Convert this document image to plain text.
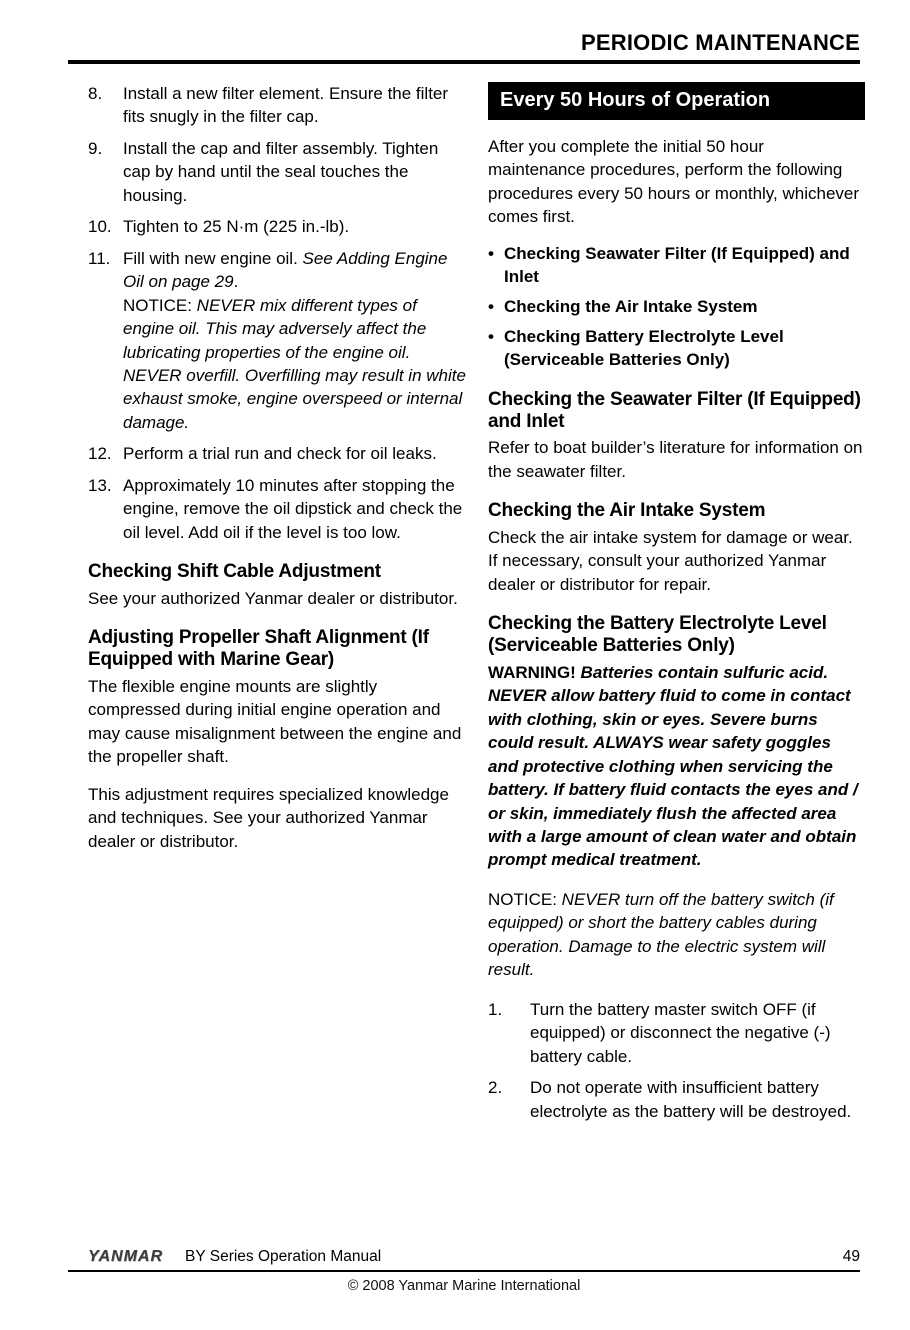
PERIODIC MAINTENANCE
8.	Install a new filter element. Ensure the filter fits snugly in the filter cap.
9.	Install the cap and filter assembly. Tighten cap by hand until the seal touches the housing.
10. Tighten to 25 N·m (225 in.-lb).
11. Fill with new engine oil. See Adding Engine Oil on page 29.
NOTICE: NEVER mix different types of engine oil. This may adversely affect the lubricating properties of the engine oil. NEVER overfill. Overfilling may result in white exhaust smoke, engine overspeed or internal damage.
12. Perform a trial run and check for oil leaks.
13. Approximately 10 minutes after stopping the engine, remove the oil dipstick and check the oil level. Add oil if the level is too low.
Checking Shift Cable Adjustment

See your authorized Yanmar dealer or distributor.

Adjusting Propeller Shaft Alignment (If Equipped with Marine Gear)

The flexible engine mounts are slightly compressed during initial engine operation and may cause misalignment between the engine and the propeller shaft.

This adjustment requires specialized knowledge and techniques. See your authorized Yanmar dealer or distributor.

Every 50 Hours of Operation

After you complete the initial 50 hour maintenance procedures, perform the following procedures every 50 hours or monthly, whichever comes first.

• Checking Seawater Filter (If Equipped) and Inlet
• Checking the Air Intake System
• Checking Battery Electrolyte Level (Serviceable Batteries Only)
Checking the Seawater Filter (If Equipped) and Inlet

Refer to boat builder’s literature for information on the seawater filter.

Checking the Air Intake System

Check the air intake system for damage or wear. If necessary, consult your authorized Yanmar dealer or distributor for repair.

Checking the Battery Electrolyte Level (Serviceable Batteries Only)

WARNING! Batteries contain sulfuric acid. NEVER allow battery fluid to come in contact with clothing, skin or eyes. Severe burns could result. ALWAYS wear safety goggles and protective clothing when servicing the battery. If battery fluid contacts the eyes and / or skin, immediately flush the affected area with a large amount of clean water and obtain prompt medical treatment.

NOTICE: NEVER turn off the battery switch (if equipped) or short the battery cables during operation. Damage to the electric system will result.

1.	Turn the battery master switch OFF (if equipped) or disconnect the negative (-) battery cable.
2.	Do not operate with insufficient battery electrolyte as the battery will be destroyed.
YANMAR BY Series Operation Manual	49
© 2008 Yanmar Marine International
